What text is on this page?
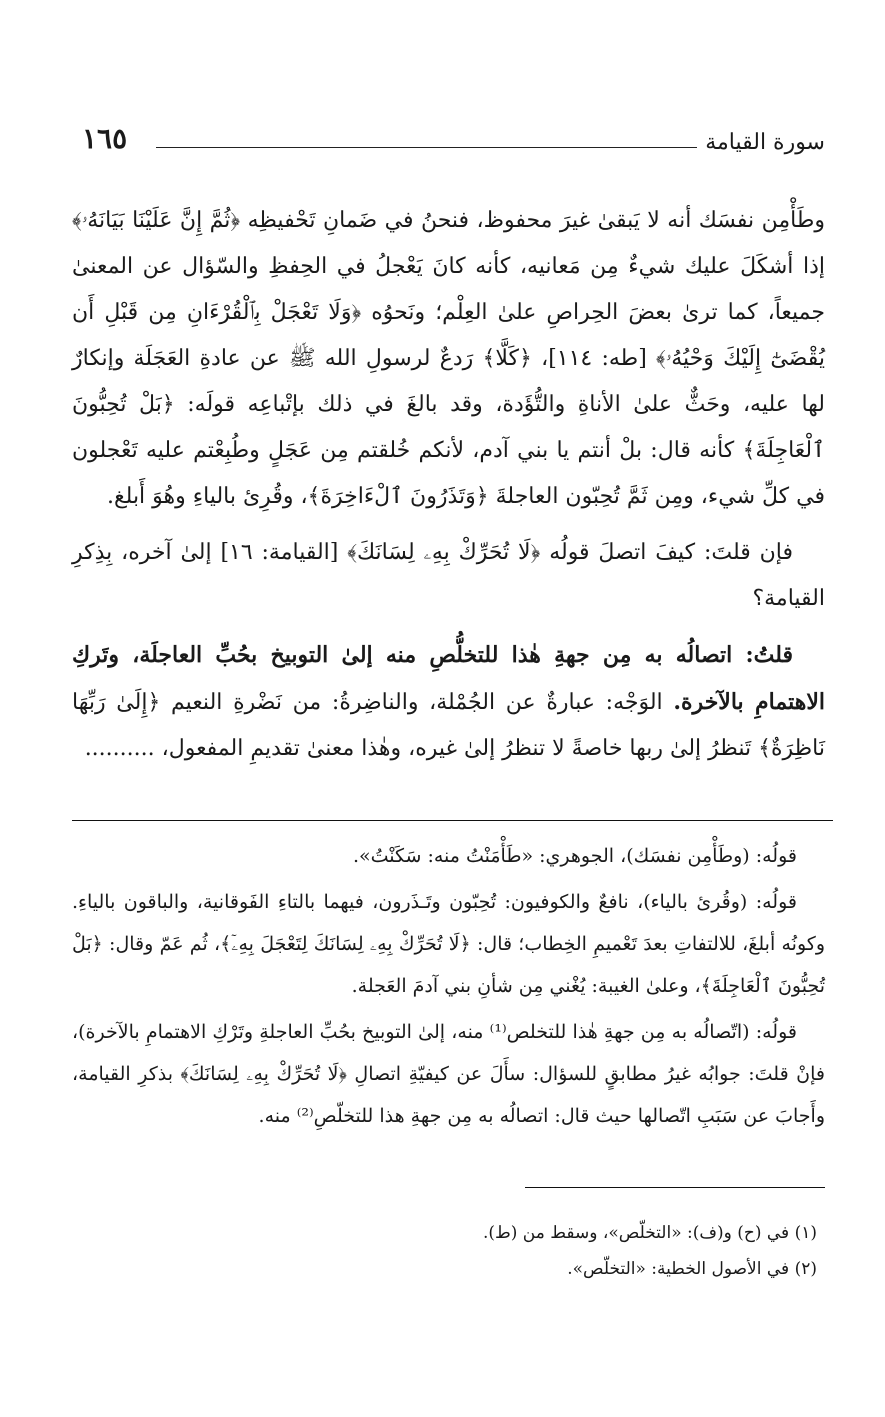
سورة القيامة
١٦٥

وطَأْمِن نفسَك أنه لا يَبقىٰ غيرَ محفوظ، فنحنُ في ضَمانِ تَحْفيظِه ﴿ثُمَّ إِنَّ عَلَيْنَا بَيَانَهُۥ﴾ إذا أشكَلَ عليك شيءٌ مِن مَعانيه، كأنه كانَ يَعْجلُ في الحِفظِ والسّؤال عن المعنىٰ جميعاً، كما ترىٰ بعضَ الحِراصِ علىٰ العِلْم؛ ونَحوُه ﴿وَلَا تَعْجَلْ بِٱلْقُرْءَانِ مِن قَبْلِ أَن يُقْضَىٰٓ إِلَيْكَ وَحْيُهُۥ﴾ [طه: ١١٤]، ﴿كَلَّا﴾ رَدعٌ لرسولِ الله ﷺ عن عادةِ العَجَلَة وإنكارٌ لها عليه، وحَثٌّ علىٰ الأناةِ والتُّؤَدة، وقد بالغَ في ذلك بإتْباعِه قولَه: ﴿بَلْ تُحِبُّونَ ٱلْعَاجِلَةَ﴾ كأنه قال: بلْ أنتم يا بني آدم، لأنكم خُلقتم مِن عَجَلٍ وطُبِعْتم عليه تَعْجلون في كلِّ شيء، ومِن ثَمَّ تُحِبّون العاجلةَ ﴿وَتَذَرُونَ ٱلْءَاخِرَةَ﴾، وقُرِئ بالياءِ وهُوَ أَبلغ.

فإن قلتَ: كيفَ اتصلَ قولُه ﴿لَا تُحَرِّكْ بِهِۦ لِسَانَكَ﴾ [القيامة: ١٦] إلىٰ آخره، بِذِكرِ القيامة؟

قلتُ: اتصالُه به مِن جهةِ هٰذا للتخلُّصِ منه إلىٰ التوبيخ بحُبِّ العاجلَة، وتَركِ الاهتمامِ بالآخرة. الوَجْه: عبارةٌ عن الجُمْلة، والناضِرةُ: من نَضْرةِ النعيم ﴿إِلَىٰ رَبِّهَا نَاظِرَةٌ﴾ تَنظرُ إلىٰ ربها خاصةً لا تنظرُ إلىٰ غيره، وهٰذا معنىٰ تقديمِ المفعول، ..........

قولُه: (وطَأْمِن نفسَك)، الجوهري: «طَأْمَنْتُ منه: سَكَنْتُ».

قولُه: (وقُرئ بالياء)، نافعٌ والكوفيون: تُحِبّون وتَـذَرون، فيهما بالتاءِ الفَوقانية، والباقون بالياءِ. وكونُه أبلغَ، للالتفاتِ بعدَ تَعْميمِ الخِطاب؛ قال: ﴿لَا تُحَرِّكْ بِهِۦ لِسَانَكَ لِتَعْجَلَ بِهِۦٓ﴾، ثُم عَمّ وقال: ﴿بَلْ تُحِبُّونَ ٱلْعَاجِلَةَ﴾، وعلىٰ الغيبة: يُغْني مِن شأنِ بني آدمَ العَجلة.

قولُه: (اتّصالُه به مِن جهةِ هٰذا للتخلص⁽¹⁾ منه، إلىٰ التوبيخ بحُبِّ العاجلةِ وتَرْكِ الاهتمامِ بالآخرة)، فإنْ قلتَ: جوابُه غيرُ مطابقٍ للسؤال: سأَلَ عن كيفيّةِ اتصالِ ﴿لَا تُحَرِّكْ بِهِۦ لِسَانَكَ﴾ بذكرِ القيامة، وأَجابَ عن سَبَبِ اتّصالها حيث قال: اتصالُه به مِن جهةِ هذا للتخلّصِ⁽²⁾ منه.

(١) في (ح) و(ف): «التخلّص»، وسقط من (ط).

(٢) في الأصول الخطية: «التخلّص».
